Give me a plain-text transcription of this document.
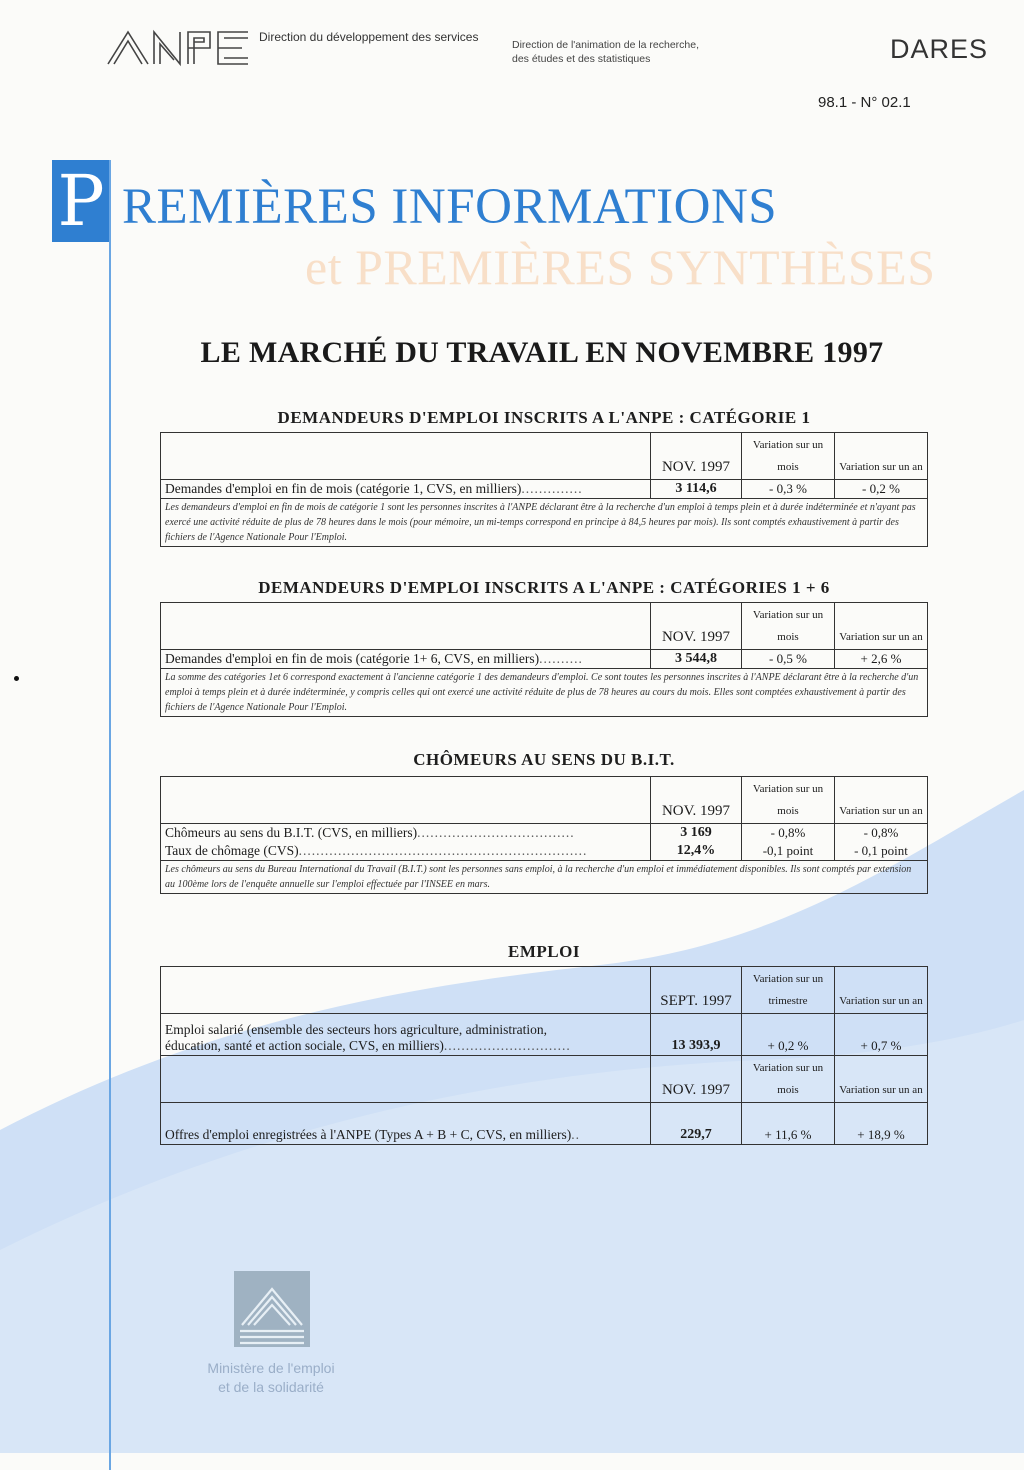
Direction du développement des services
Direction de l'animation de la recherche,
des études et des statistiques	DARES
98.1 - N° 02.1
P REMIÈRES INFORMATIONS
et PREMIÈRES SYNTHÈSES
LE MARCHÉ DU TRAVAIL EN NOVEMBRE 1997
DEMANDEURS D'EMPLOI INSCRITS A L'ANPE : CATÉGORIE 1
	NOV. 1997	Variation sur un mois	Variation sur un an
Demandes d'emploi en fin de mois (catégorie 1, CVS, en milliers)..............	3 114,6	- 0,3 %	- 0,2 %
Les demandeurs d'emploi en fin de mois de catégorie 1 sont les personnes inscrites à l'ANPE déclarant être à la recherche d'un emploi à temps plein et à durée indéterminée et n'ayant pas exercé une activité réduite de plus de 78 heures dans le mois (pour mémoire, un mi-temps correspond en principe à 84,5 heures par mois). Ils sont comptés exhaustivement à partir des fichiers de l'Agence Nationale Pour l'Emploi.			
DEMANDEURS D'EMPLOI INSCRITS A L'ANPE : CATÉGORIES 1 + 6
	NOV. 1997	Variation sur un mois	Variation sur un an
Demandes d'emploi en fin de mois (catégorie 1+ 6, CVS, en milliers)..........	3 544,8	- 0,5 %	+ 2,6 %
La somme des catégories 1et 6 correspond exactement à l'ancienne catégorie 1 des demandeurs d'emploi. Ce sont toutes les personnes inscrites à l'ANPE déclarant être à la recherche d'un emploi à temps plein et à durée indéterminée, y compris celles qui ont exercé une activité réduite de plus de 78 heures au cours du mois. Elles sont comptées exhaustivement à partir des fichiers de l'Agence Nationale Pour l'Emploi.			
CHÔMEURS AU SENS DU B.I.T.
	NOV. 1997	Variation sur un mois	Variation sur un an
Chômeurs au sens du B.I.T. (CVS, en milliers)....................................	3 169	- 0,8%	- 0,8%
Taux de chômage (CVS)..................................................................	12,4%	-0,1 point	- 0,1 point
Les chômeurs au sens du Bureau International du Travail (B.I.T.) sont les personnes sans emploi, à la recherche d'un emploi et immédiatement disponibles. Ils sont comptés par extension au 100ème lors de l'enquête annuelle sur l'emploi effectuée par l'INSEE en mars.			
EMPLOI
	SEPT. 1997	Variation sur un trimestre	Variation sur un an

Emploi salarié (ensemble des secteurs hors agriculture, administration,
éducation, santé et action sociale, CVS, en milliers).............................	13 393,9	+ 0,2 %	+ 0,7 %
	NOV. 1997	Variation sur un mois	Variation sur un an
Offres d'emploi enregistrées à l'ANPE (Types A + B + C, CVS, en milliers)..	229,7	+ 11,6 %	+ 18,9 %
Ministère de l'emploi
et de la solidarité
